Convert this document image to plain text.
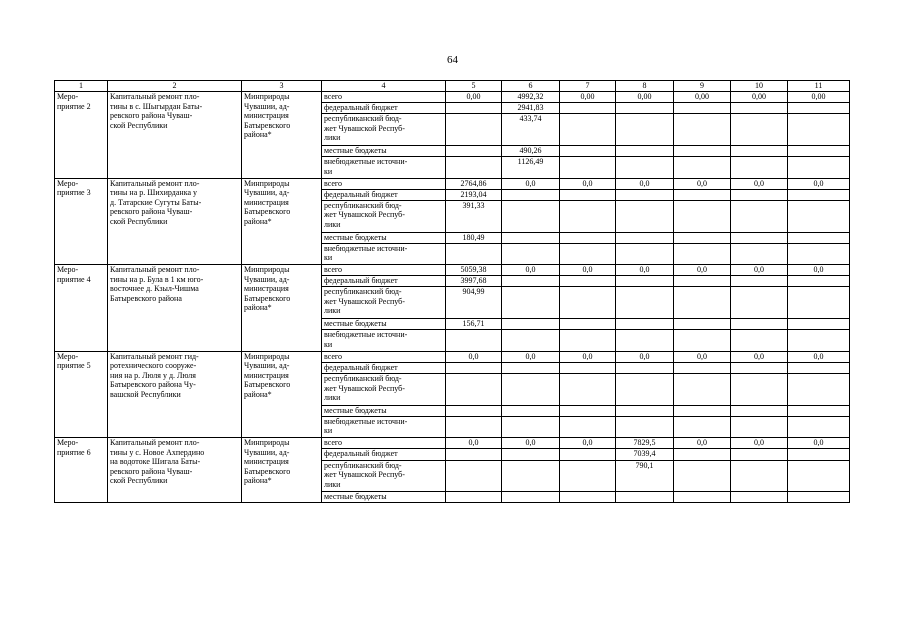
64
1	2	3	4	5	6	7	8	9	10	11
Меро-
приятие 2	Капитальный ремонт пло-
тины в с. Шыгырдан Баты-
ревского района Чуваш-
ской Республики	Минприроды
Чувашии, ад-
министрация
Батыревского
района*	всего	0,00	4992,32	0,00	0,00	0,00	0,00	0,00
			федеральный бюджет		2941,83					
			республиканский бюд-
жет Чувашской Респуб-
лики		433,74					
			местные бюджеты		490,26					
			внебюджетные источни-
ки		1126,49					
Меро-
приятие 3	Капитальный ремонт пло-
тины на р. Шихирданка у
д. Татарские Сугуты Баты-
ревского района Чуваш-
ской Республики	Минприроды
Чувашии, ад-
министрация
Батыревского
района*	всего	2764,86	0,0	0,0	0,0	0,0	0,0	0,0
			федеральный бюджет	2193,04						
			республиканский бюд-
жет Чувашской Респуб-
лики	391,33						
			местные бюджеты	180,49						
			внебюджетные источни-
ки							
Меро-
приятие 4	Капитальный ремонт пло-
тины на р. Була в 1 км юго-
восточнее д. Кзыл-Чишма
Батыревского района	Минприроды
Чувашии, ад-
министрация
Батыревского
района*	всего	5059,38	0,0	0,0	0,0	0,0	0,0	0,0
			федеральный бюджет	3997,68						
			республиканский бюд-
жет Чувашской Респуб-
лики	904,99						
			местные бюджеты	156,71						
			внебюджетные источни-
ки							
Меро-
приятие 5	Капитальный ремонт гид-
ротехнического сооруже-
ния на р. Люля у д. Люля
Батыревского района Чу-
вашской Республики	Минприроды
Чувашии, ад-
министрация
Батыревского
района*	всего	0,0	0,0	0,0	0,0	0,0	0,0	0,0
			федеральный бюджет							
			республиканский бюд-
жет Чувашской Респуб-
лики							
			местные бюджеты							
			внебюджетные источни-
ки							
Меро-
приятие 6	Капитальный ремонт пло-
тины у с. Новое Ахпердино
на водотоке Шигала Баты-
ревского района Чуваш-
ской Республики	Минприроды
Чувашии, ад-
министрация
Батыревского
района*	всего	0,0	0,0	0,0	7829,5	0,0	0,0	0,0
			федеральный бюджет				7039,4			
			республиканский бюд-
жет Чувашской Респуб-
лики				790,1			
			местные бюджеты							
